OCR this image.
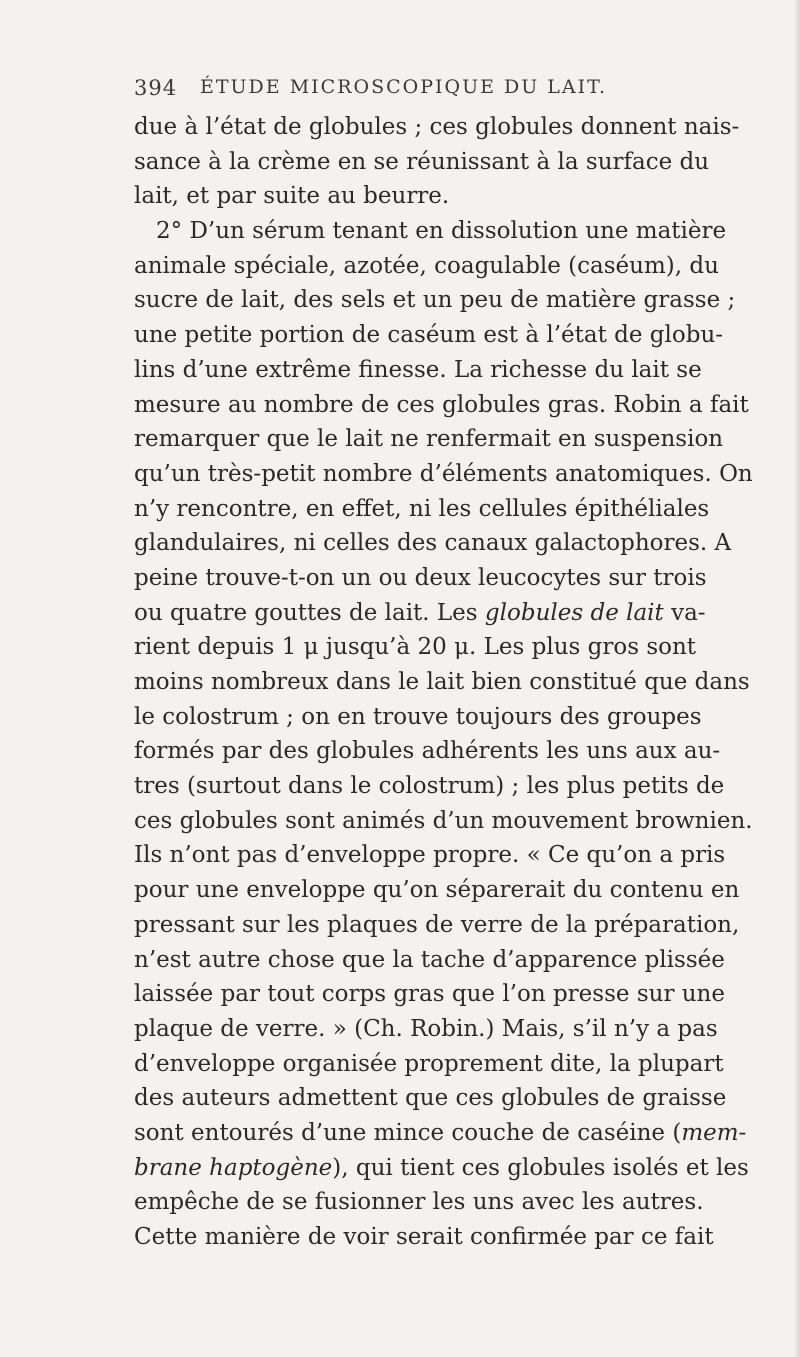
394 ÉTUDE MICROSCOPIQUE DU LAIT.
due à l’état de globules ; ces globules donnent nais-
sance à la crème en se réunissant à la surface du
lait, et par suite au beurre.
2° D’un sérum tenant en dissolution une matière
animale spéciale, azotée, coagulable (caséum), du
sucre de lait, des sels et un peu de matière grasse ;
une petite portion de caséum est à l’état de globu-
lins d’une extrême finesse. La richesse du lait se
mesure au nombre de ces globules gras. Robin a fait
remarquer que le lait ne renfermait en suspension
qu’un très-petit nombre d’éléments anatomiques. On
n’y rencontre, en effet, ni les cellules épithéliales
glandulaires, ni celles des canaux galactophores. A
peine trouve-t-on un ou deux leucocytes sur trois
ou quatre gouttes de lait. Les globules de lait va-
rient depuis 1 μ jusqu’à 20 μ. Les plus gros sont
moins nombreux dans le lait bien constitué que dans
le colostrum ; on en trouve toujours des groupes
formés par des globules adhérents les uns aux au-
tres (surtout dans le colostrum) ; les plus petits de
ces globules sont animés d’un mouvement brownien.
Ils n’ont pas d’enveloppe propre. « Ce qu’on a pris
pour une enveloppe qu’on séparerait du contenu en
pressant sur les plaques de verre de la préparation,
n’est autre chose que la tache d’apparence plissée
laissée par tout corps gras que l’on presse sur une
plaque de verre. » (Ch. Robin.) Mais, s’il n’y a pas
d’enveloppe organisée proprement dite, la plupart
des auteurs admettent que ces globules de graisse
sont entourés d’une mince couche de caséine (mem-
brane haptogène), qui tient ces globules isolés et les
empêche de se fusionner les uns avec les autres.
Cette manière de voir serait confirmée par ce fait
